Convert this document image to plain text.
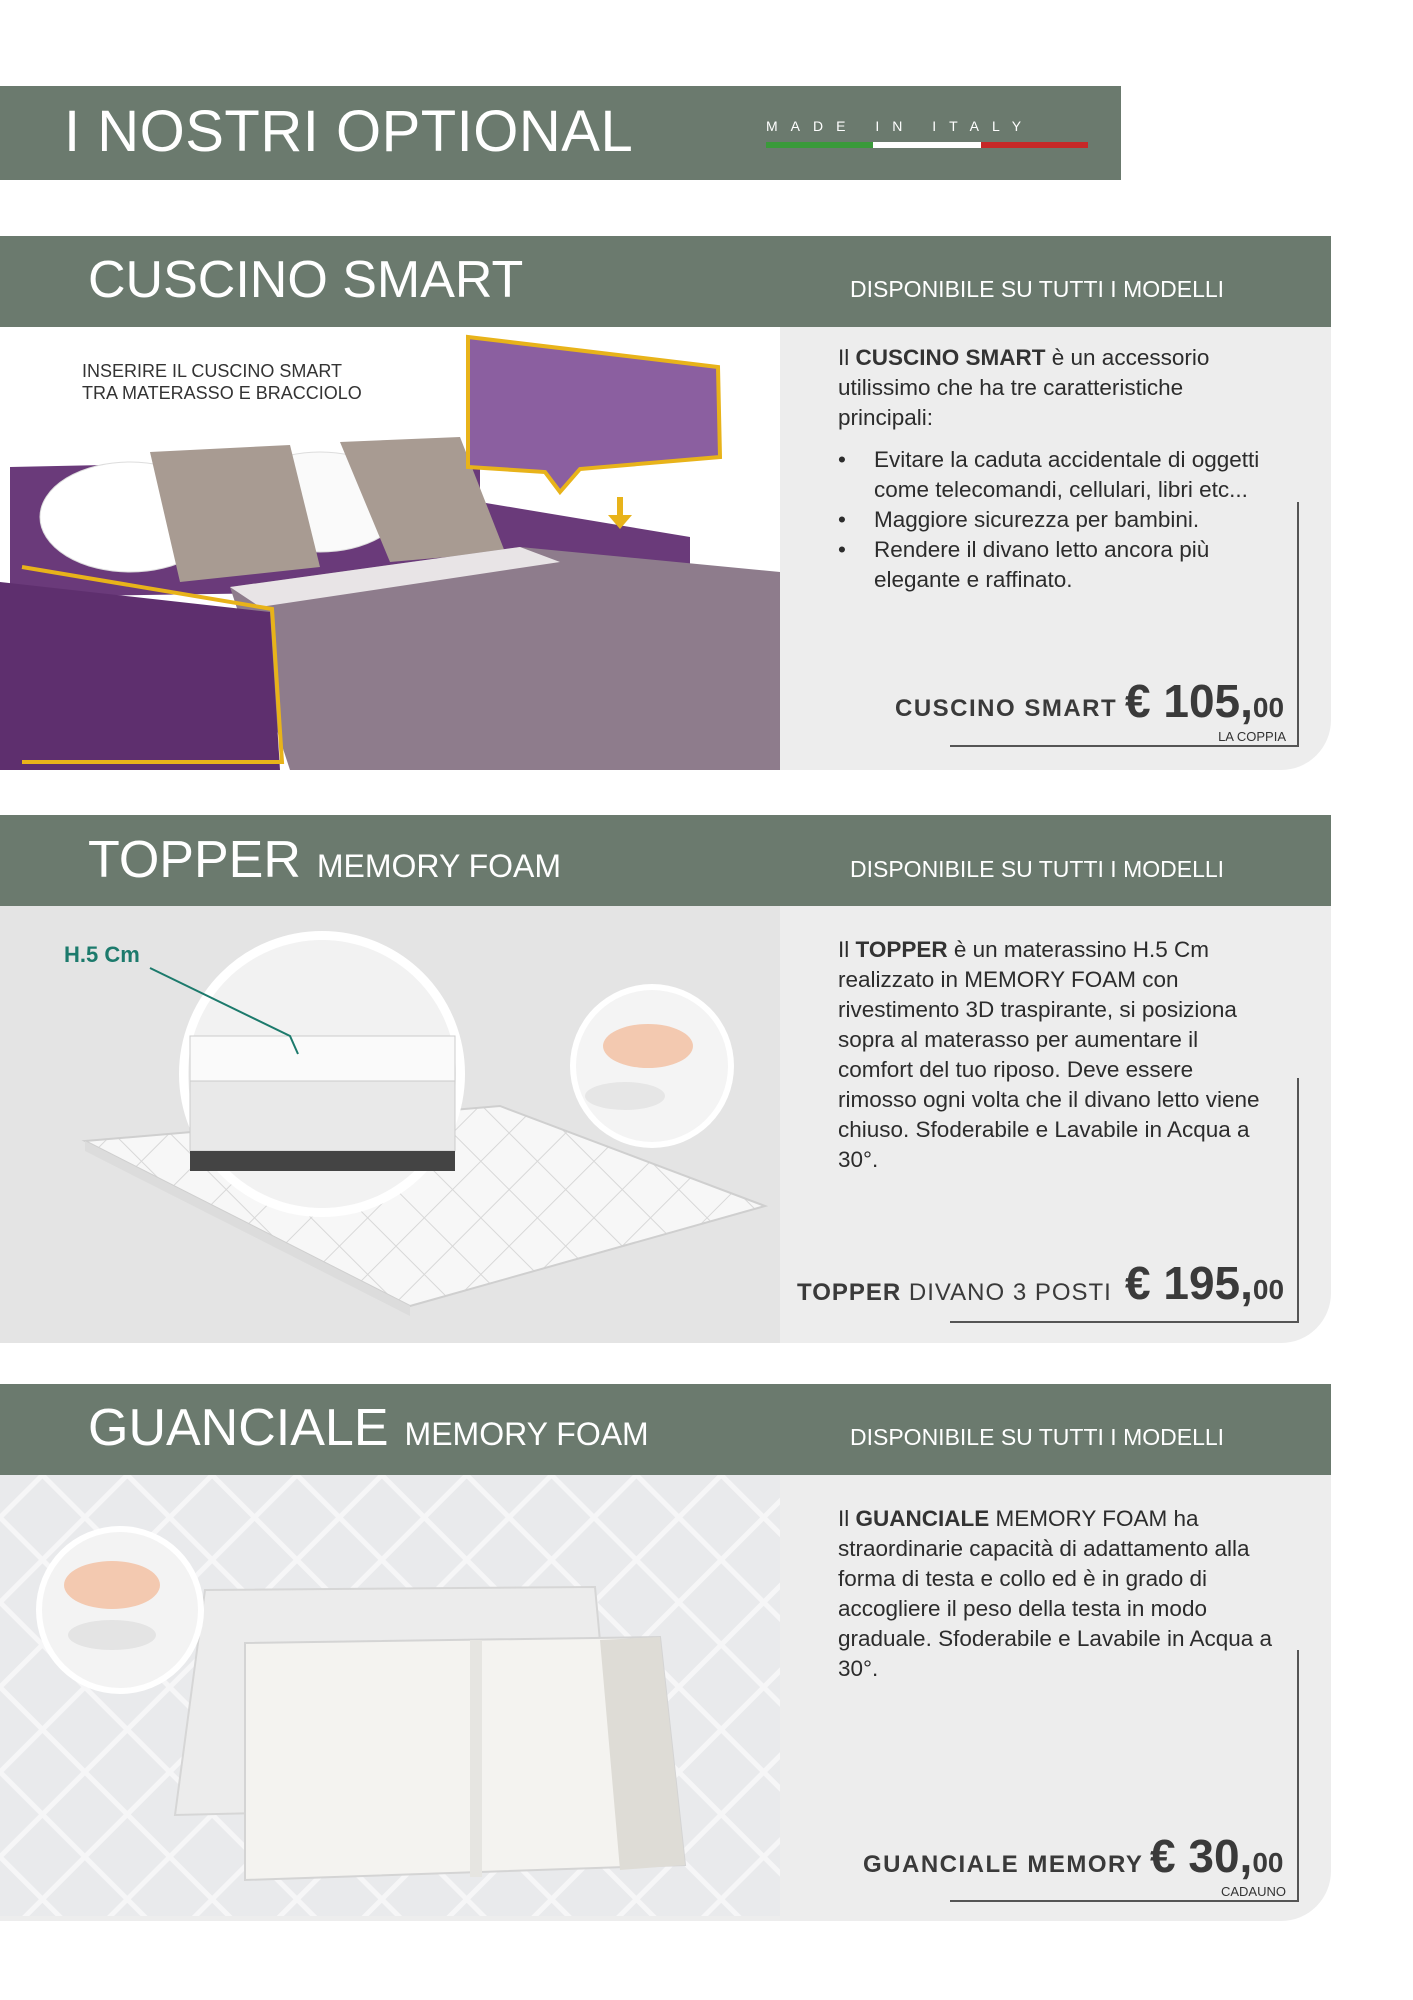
I NOSTRI OPTIONAL	MADE IN ITALY
CUSCINO SMART	DISPONIBILE SU TUTTI I MODELLI
INSERIRE IL CUSCINO SMART
TRA MATERASSO E BRACCIOLO
Il CUSCINO SMART è un accessorio utilissimo che ha tre caratteristiche principali:
• Evitare la caduta accidentale di oggetti come telecomandi, cellulari, libri etc...
• Maggiore sicurezza per bambini.
• Rendere il divano letto ancora più elegante e raffinato.
CUSCINO SMART € 105,00
LA COPPIA
TOPPER MEMORY FOAM	DISPONIBILE SU TUTTI I MODELLI
H.5 Cm	Il TOPPER è un materassino H.5 Cm realizzato in MEMORY FOAM con rivestimento 3D traspirante, si posiziona sopra al materasso per aumentare il comfort del tuo riposo. Deve essere rimosso ogni volta che il divano letto viene chiuso. Sfoderabile e Lavabile in Acqua a 30°.
TOPPER DIVANO 3 POSTI € 195,00
GUANCIALE MEMORY FOAM	DISPONIBILE SU TUTTI I MODELLI
Il GUANCIALE MEMORY FOAM ha straordinarie capacità di adattamento alla forma di testa e collo ed è in grado di accogliere il peso della testa in modo graduale. Sfoderabile e Lavabile in Acqua a 30°.
GUANCIALE MEMORY € 30,00
CADAUNO
